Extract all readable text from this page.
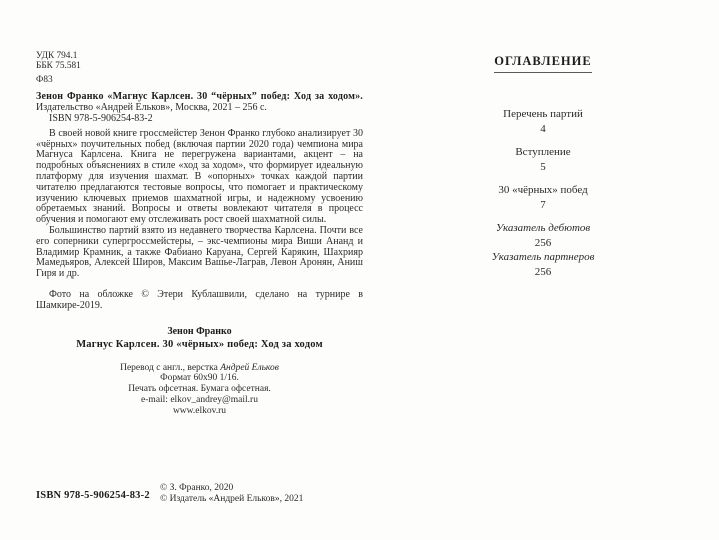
УДК 794.1
ББК 75.581
Ф83
Зенон Франко «Магнус Карлсен. 30 “чёрных” побед: Ход за ходом». Издательство «Андрей Ельков», Москва, 2021 – 256 с.
ISBN 978-5-906254-83-2

В своей новой книге гроссмейстер Зенон Франко глубоко анализирует 30 «чёрных» поучительных побед (включая партии 2020 года) чемпиона мира Магнуса Карлсена. Книга не перегружена вариантами, акцент – на подробных объяснениях в стиле «ход за ходом», что формирует идеальную платформу для изучения шахмат. В «опорных» точках каждой партии читателю предлагаются тестовые вопросы, что помогает и практическому изучению ключевых приемов шахматной игры, и надежному усвоению обретаемых знаний. Вопросы и ответы вовлекают читателя в процесс обучения и помогают ему отслеживать рост своей шахматной силы.

Большинство партий взято из недавнего творчества Карлсена. Почти все его соперники супергроссмейстеры, – экс-чемпионы мира Виши Ананд и Владимир Крамник, а также Фабиано Каруана, Сергей Карякин, Шахрияр Мамедьяров, Алексей Широв, Максим Вашье-Лаграв, Левон Аронян, Аниш Гиря и др.

Фото на обложке © Этери Кублашвили, сделано на турнире в Шамкире-2019.

Зенон Франко
Магнус Карлсен. 30 «чёрных» побед: Ход за ходом
Перевод с англ., верстка Андрей Ельков
Формат 60х90 1/16.
Печать офсетная. Бумага офсетная.
e-mail: elkov_andrey@mail.ru
www.elkov.ru
ISBN 978-5-906254-83-2
© З. Франко, 2020
© Издатель «Андрей Ельков», 2021
ОГЛАВЛЕНИЕ
Перечень партий
4
Вступление
5
30 «чёрных» побед
7
Указатель дебютов
256
Указатель партнеров
256
